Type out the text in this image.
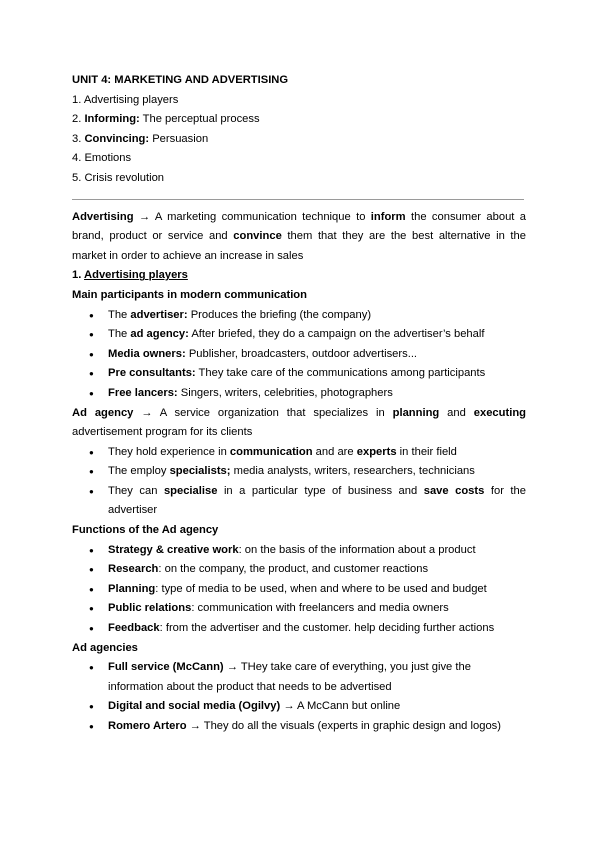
UNIT 4: MARKETING AND ADVERTISING

1. Advertising players
2. Informing: The perceptual process
3. Convincing: Persuasion
4. Emotions
5. Crisis revolution

Advertising → A marketing communication technique to inform the consumer about a brand, product or service and convince them that they are the best alternative in the market in order to achieve an increase in sales

1. Advertising players

Main participants in modern communication

● The advertiser: Produces the briefing (the company)
● The ad agency: After briefed, they do a campaign on the advertiser’s behalf
● Media owners: Publisher, broadcasters, outdoor advertisers...
● Pre consultants: They take care of the communications among participants
● Free lancers: Singers, writers, celebrities, photographers

Ad agency → A service organization that specializes in planning and executing advertisement program for its clients

● They hold experience in communication and are experts in their field
● The employ specialists; media analysts, writers, researchers, technicians
● They can specialise in a particular type of business and save costs for the advertiser

Functions of the Ad agency

● Strategy & creative work: on the basis of the information about a product
● Research: on the company, the product, and customer reactions
● Planning: type of media to be used, when and where to be used and budget
● Public relations: communication with freelancers and media owners
● Feedback: from the advertiser and the customer. help deciding further actions

Ad agencies

● Full service (McCann) → THey take care of everything, you just give the information about the product that needs to be advertised
● Digital and social media (Ogilvy) → A McCann but online
● Romero Artero → They do all the visuals (experts in graphic design and logos)
